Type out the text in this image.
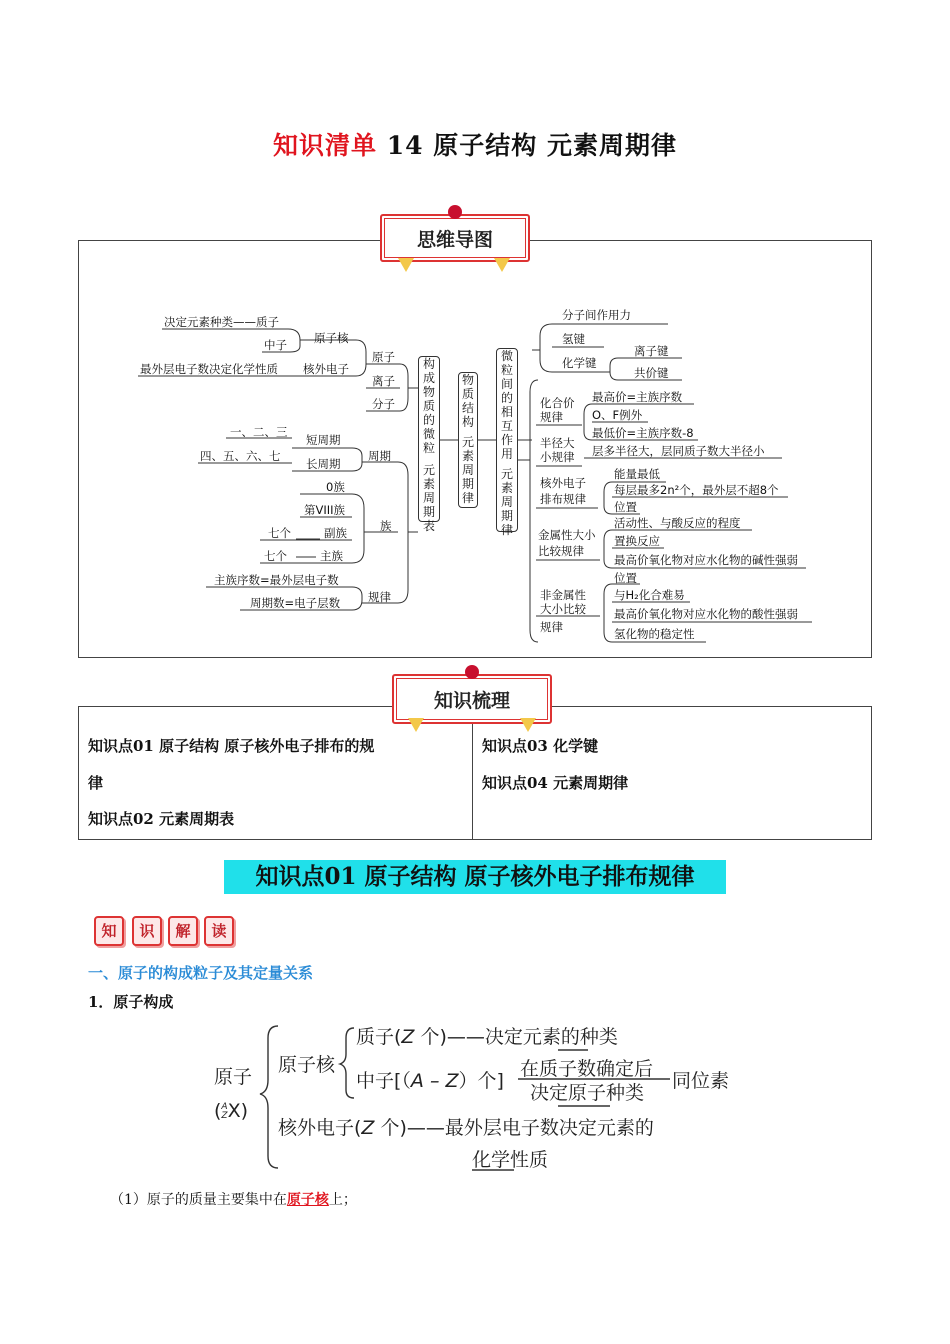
知识清单 14 原子结构 元素周期律
思维导图
决定元素种类——质子
中子
最外层电子数决定化学性质
原子核
核外电子
原子
离子
分子
一、二、三
四、五、六、七
短周期
长周期
周期
0族
第VIII族
七个	副族
七个	主族
族
主族序数=最外层电子数
周期数=电子层数 规律
构
成
物
质
的
微
粒
元
素
周
期
表
物
质
结
构
元
素
周
期
律
微
粒
间
的
相
互
作
用
元
素
周
期
律
分子间作用力
氢键
化学键
离子键
共价键
化合价
规律
最高价=主族序数
O、F例外
最低价=主族序数-8
半径大
小规律 层多半径大，层同质子数大半径小
核外电子
排布规律
能量最低
每层最多2n²个，最外层不超8个
位置
金属性大小
比较规律
活动性、与酸反应的程度
置换反应
最高价氧化物对应水化物的碱性强弱
位置
非金属性
大小比较
规律
与H₂化合难易
最高价氧化物对应水化物的酸性强弱
氢化物的稳定性
知识梳理
知识点01 原子结构 原子核外电子排布的规
律
知识点02 元素周期表
知识点03 化学键
知识点04 元素周期律
知识点01 原子结构 原子核外电子排布规律
知	识	解	读
一、原子的构成粒子及其定量关系
1．原子构成
原子
( A
Z X)
原子核
质子(Z 个)——决定元素的种类
中子[（A – Z）个]
在质子数确定后
决定原子种类
同位素
核外电子(Z 个)——最外层电子数决定元素的
化学性质
（1）原子的质量主要集中在原子核上；
